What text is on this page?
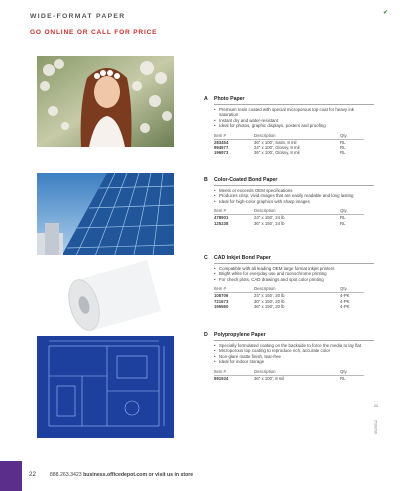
WIDE-FORMAT PAPER
GO ONLINE OR CALL FOR PRICE
✔
A	Photo Paper
• Premium resin coated with special microporous top coat for heavy ink saturation
• Instant dry and water-resistant
• Ideal for photos, graphic displays, posters and proofing
Item #	Description	Qty.
283454	36" x 100', Satin, 8 mil	RL
994577	24" x 100', Glossy, 8 mil	RL
196973	36" x 100', Glossy, 8 mil	RL
B	Color-Coated Bond Paper
• Meets or exceeds OEM specifications
• Produces crisp, vivid images that are easily readable and long lasting
• Ideal for high-color graphics with sharp images
Item #	Description	Qty.
478901	24" x 150', 24 lb	RL
125238	36" x 150', 24 lb	RL
C	CAD Inkjet Bond Paper
• Compatible with all leading OEM large format inkjet printers
• Bright white for everyday use and monochrome printing
• For check plots, CAD drawings and spot color printing
Item #	Description	Qty.
108706	24" x 150', 20 lb	4-PK
721673	30" x 150', 20 lb	4-PK
195560	36" x 150', 20 lb	4-PK
D	Polypropylene Paper
• Specially formulated coating on the backside to force the media to lay flat
• Microporous top coating to reproduce rich, accurate color
• Non-glare matte finish, tear-free
• Ideal for indoor storage
Item #	Description	Qty.
991934	36" x 100', 8 mil	RL
22
8526512
22	888.263.3423 business.officedepot.com or visit us in store
